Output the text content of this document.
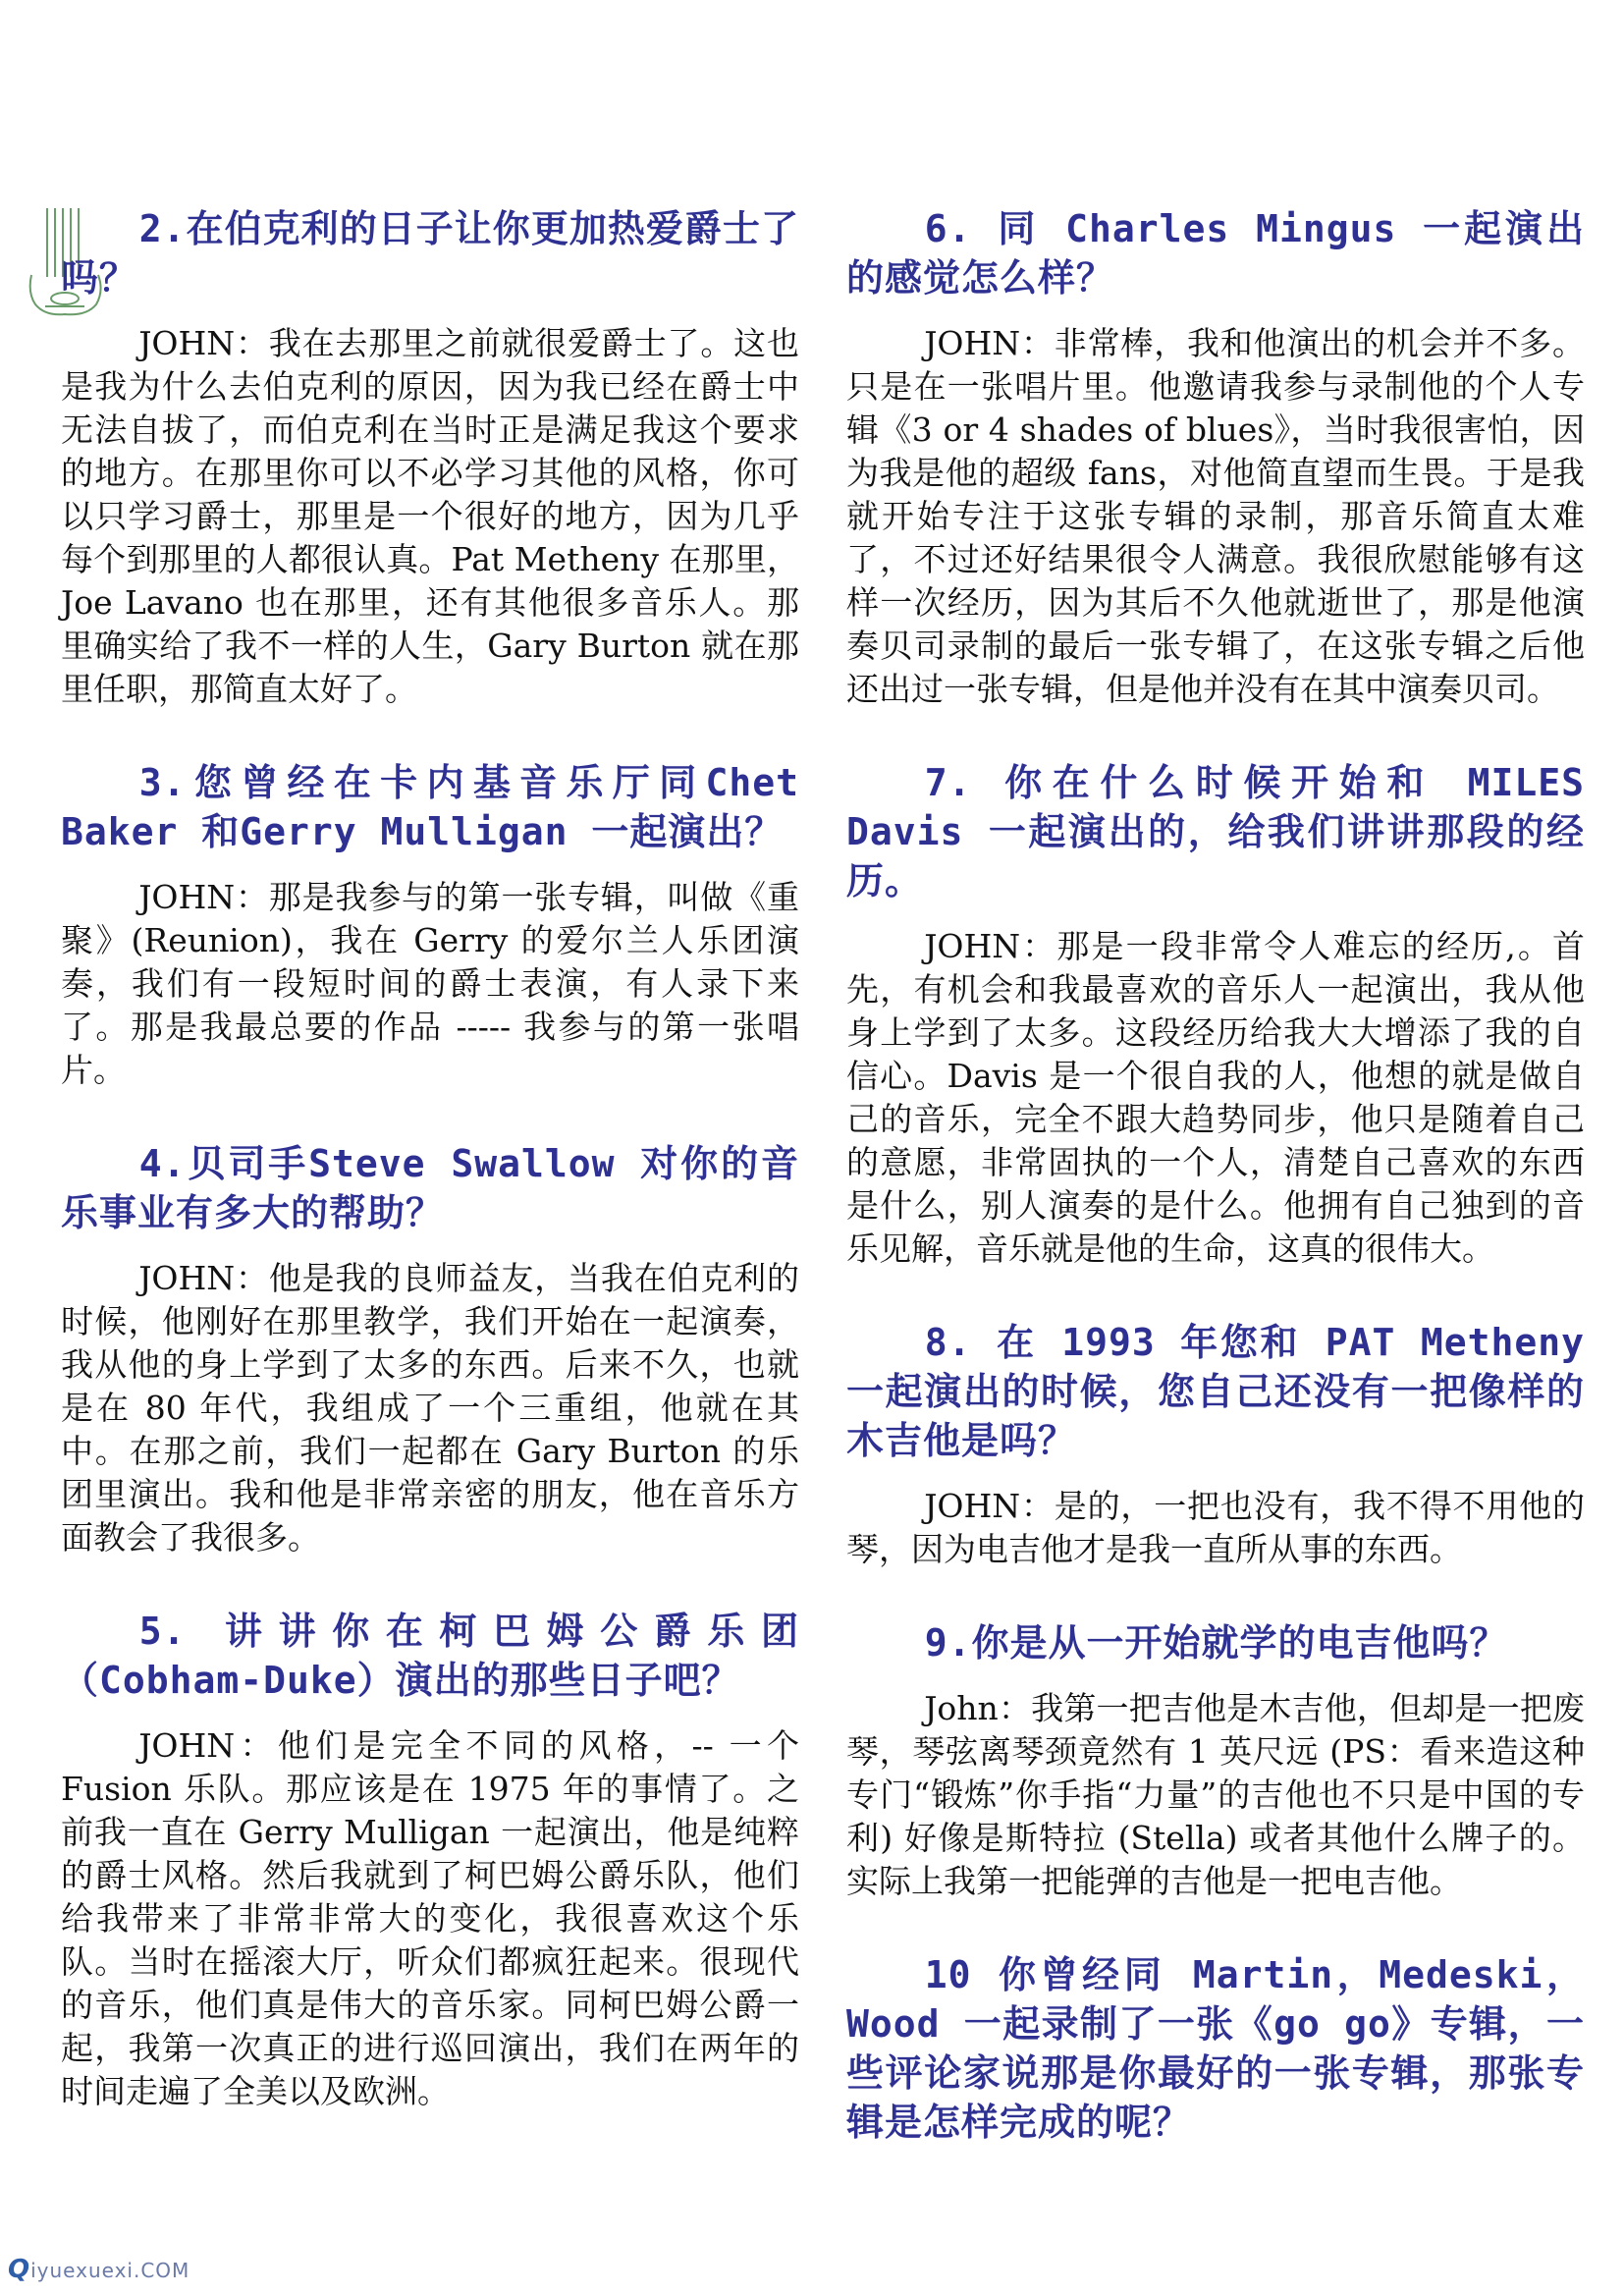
2.在伯克利的日子让你更加热爱爵士了吗？

JOHN：我在去那里之前就很爱爵士了。这也是我为什么去伯克利的原因，因为我已经在爵士中无法自拔了，而伯克利在当时正是满足我这个要求的地方。在那里你可以不必学习其他的风格，你可以只学习爵士，那里是一个很好的地方，因为几乎每个到那里的人都很认真。Pat Metheny 在那里，Joe Lavano 也在那里，还有其他很多音乐人。那里确实给了我不一样的人生，Gary Burton 就在那里任职，那简直太好了。

3.您曾经在卡内基音乐厅同Chet Baker 和Gerry Mulligan 一起演出？

JOHN：那是我参与的第一张专辑，叫做《重聚》(Reunion)，我在 Gerry 的爱尔兰人乐团演奏，我们有一段短时间的爵士表演，有人录下来了。那是我最总要的作品 ----- 我参与的第一张唱片。

4.贝司手Steve Swallow 对你的音乐事业有多大的帮助？

JOHN：他是我的良师益友，当我在伯克利的时候，他刚好在那里教学，我们开始在一起演奏，我从他的身上学到了太多的东西。后来不久，也就是在 80 年代，我组成了一个三重组，他就在其中。在那之前，我们一起都在 Gary Burton 的乐团里演出。我和他是非常亲密的朋友，他在音乐方面教会了我很多。

5. 讲讲你在柯巴姆公爵乐团（Cobham-Duke）演出的那些日子吧？

JOHN：他们是完全不同的风格，-- 一个 Fusion 乐队。那应该是在 1975 年的事情了。之前我一直在 Gerry Mulligan 一起演出，他是纯粹的爵士风格。然后我就到了柯巴姆公爵乐队，他们给我带来了非常非常大的变化，我很喜欢这个乐队。当时在摇滚大厅，听众们都疯狂起来。很现代的音乐，他们真是伟大的音乐家。同柯巴姆公爵一起，我第一次真正的进行巡回演出，我们在两年的时间走遍了全美以及欧洲。

6. 同 Charles Mingus 一起演出的感觉怎么样？

JOHN：非常棒，我和他演出的机会并不多。只是在一张唱片里。他邀请我参与录制他的个人专辑《3 or 4 shades of blues》，当时我很害怕，因为我是他的超级 fans，对他简直望而生畏。于是我就开始专注于这张专辑的录制，那音乐简直太难了，不过还好结果很令人满意。我很欣慰能够有这样一次经历，因为其后不久他就逝世了，那是他演奏贝司录制的最后一张专辑了，在这张专辑之后他还出过一张专辑，但是他并没有在其中演奏贝司。

7. 你在什么时候开始和 MILES Davis 一起演出的，给我们讲讲那段的经历。

JOHN：那是一段非常令人难忘的经历,。首先，有机会和我最喜欢的音乐人一起演出，我从他身上学到了太多。这段经历给我大大增添了我的自信心。Davis 是一个很自我的人，他想的就是做自己的音乐，完全不跟大趋势同步，他只是随着自己的意愿，非常固执的一个人，清楚自己喜欢的东西是什么，别人演奏的是什么。他拥有自己独到的音乐见解，音乐就是他的生命，这真的很伟大。

8. 在 1993 年您和 PAT Metheny 一起演出的时候，您自己还没有一把像样的木吉他是吗？

JOHN：是的，一把也没有，我不得不用他的琴，因为电吉他才是我一直所从事的东西。

9.你是从一开始就学的电吉他吗？

John：我第一把吉他是木吉他，但却是一把废琴，琴弦离琴颈竟然有 1 英尺远 (PS：看来造这种专门“锻炼”你手指“力量”的吉他也不只是中国的专利) 好像是斯特拉 (Stella) 或者其他什么牌子的。实际上我第一把能弹的吉他是一把电吉他。

10 你曾经同 Martin，Medeski，Wood 一起录制了一张《go go》专辑，一些评论家说那是你最好的一张专辑，那张专辑是怎样完成的呢？

Qiyuexuexi.COM
